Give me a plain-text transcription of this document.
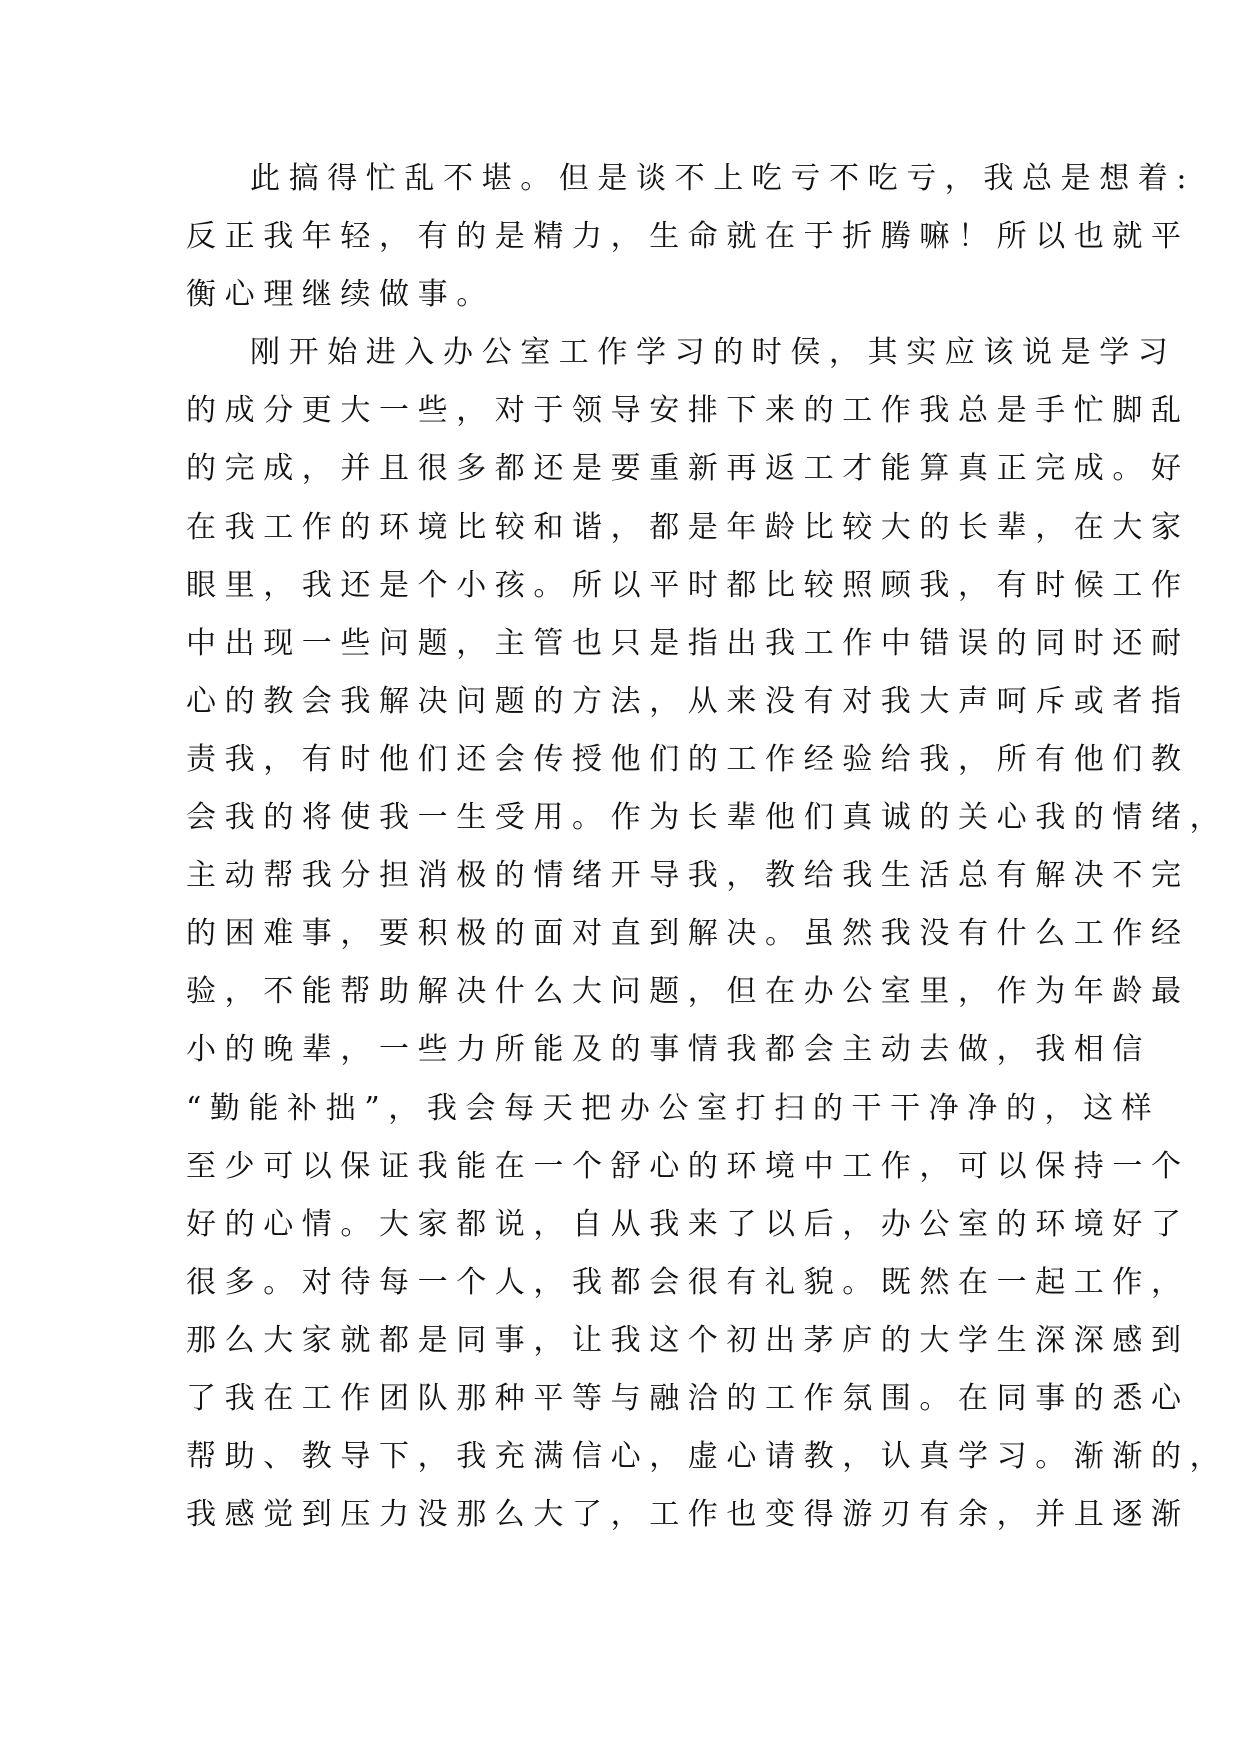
此搞得忙乱不堪。但是谈不上吃亏不吃亏，我总是想着:
反正我年轻，有的是精力，生命就在于折腾嘛！所以也就平
衡心理继续做事。
刚开始进入办公室工作学习的时侯，其实应该说是学习
的成分更大一些，对于领导安排下来的工作我总是手忙脚乱
的完成，并且很多都还是要重新再返工才能算真正完成。好
在我工作的环境比较和谐，都是年龄比较大的长辈，在大家
眼里，我还是个小孩。所以平时都比较照顾我，有时候工作
中出现一些问题，主管也只是指出我工作中错误的同时还耐
心的教会我解决问题的方法，从来没有对我大声呵斥或者指
责我，有时他们还会传授他们的工作经验给我，所有他们教
会我的将使我一生受用。作为长辈他们真诚的关心我的情绪，
主动帮我分担消极的情绪开导我，教给我生活总有解决不完
的困难事，要积极的面对直到解决。虽然我没有什么工作经
验，不能帮助解决什么大问题，但在办公室里，作为年龄最
小的晚辈，一些力所能及的事情我都会主动去做，我相信
“勤能补拙”，我会每天把办公室打扫的干干净净的，这样
至少可以保证我能在一个舒心的环境中工作，可以保持一个
好的心情。大家都说，自从我来了以后，办公室的环境好了
很多。对待每一个人，我都会很有礼貌。既然在一起工作，
那么大家就都是同事，让我这个初出茅庐的大学生深深感到
了我在工作团队那种平等与融洽的工作氛围。在同事的悉心
帮助、教导下，我充满信心，虚心请教，认真学习。渐渐的，
我感觉到压力没那么大了，工作也变得游刃有余，并且逐渐
